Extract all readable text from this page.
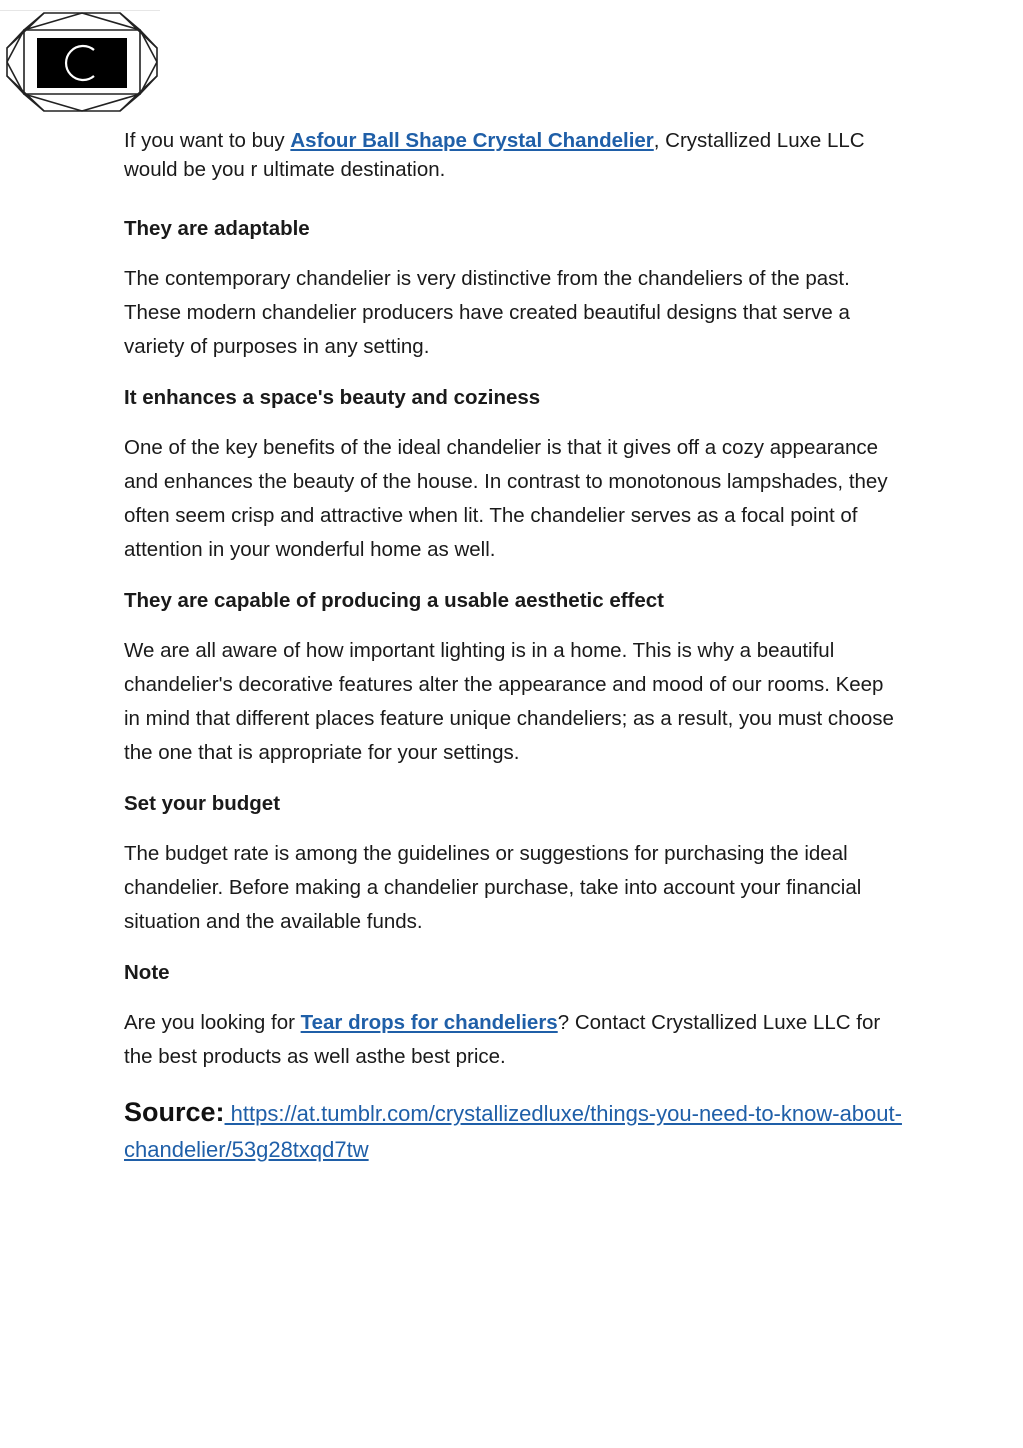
If you want to buy Asfour Ball Shape Crystal Chandelier, Crystallized Luxe LLC would be you r ultimate destination.

They are adaptable

The contemporary chandelier is very distinctive from the chandeliers of the past. These modern chandelier producers have created beautiful designs that serve a variety of purposes in any setting.

It enhances a space's beauty and coziness

One of the key benefits of the ideal chandelier is that it gives off a cozy appearance and enhances the beauty of the house. In contrast to monotonous lampshades, they often seem crisp and attractive when lit. The chandelier serves as a focal point of attention in your wonderful home as well.

They are capable of producing a usable aesthetic effect

We are all aware of how important lighting is in a home. This is why a beautiful chandelier's decorative features alter the appearance and mood of our rooms. Keep in mind that different places feature unique chandeliers; as a result, you must choose the one that is appropriate for your settings.

Set your budget

The budget rate is among the guidelines or suggestions for purchasing the ideal chandelier. Before making a chandelier purchase, take into account your financial situation and the available funds.

Note

Are you looking for Tear drops for chandeliers? Contact Crystallized Luxe LLC for the best products as well asthe best price.

Source: https://at.tumblr.com/crystallizedluxe/things-you-need-to-know-about-chandelier/53g28txqd7tw
